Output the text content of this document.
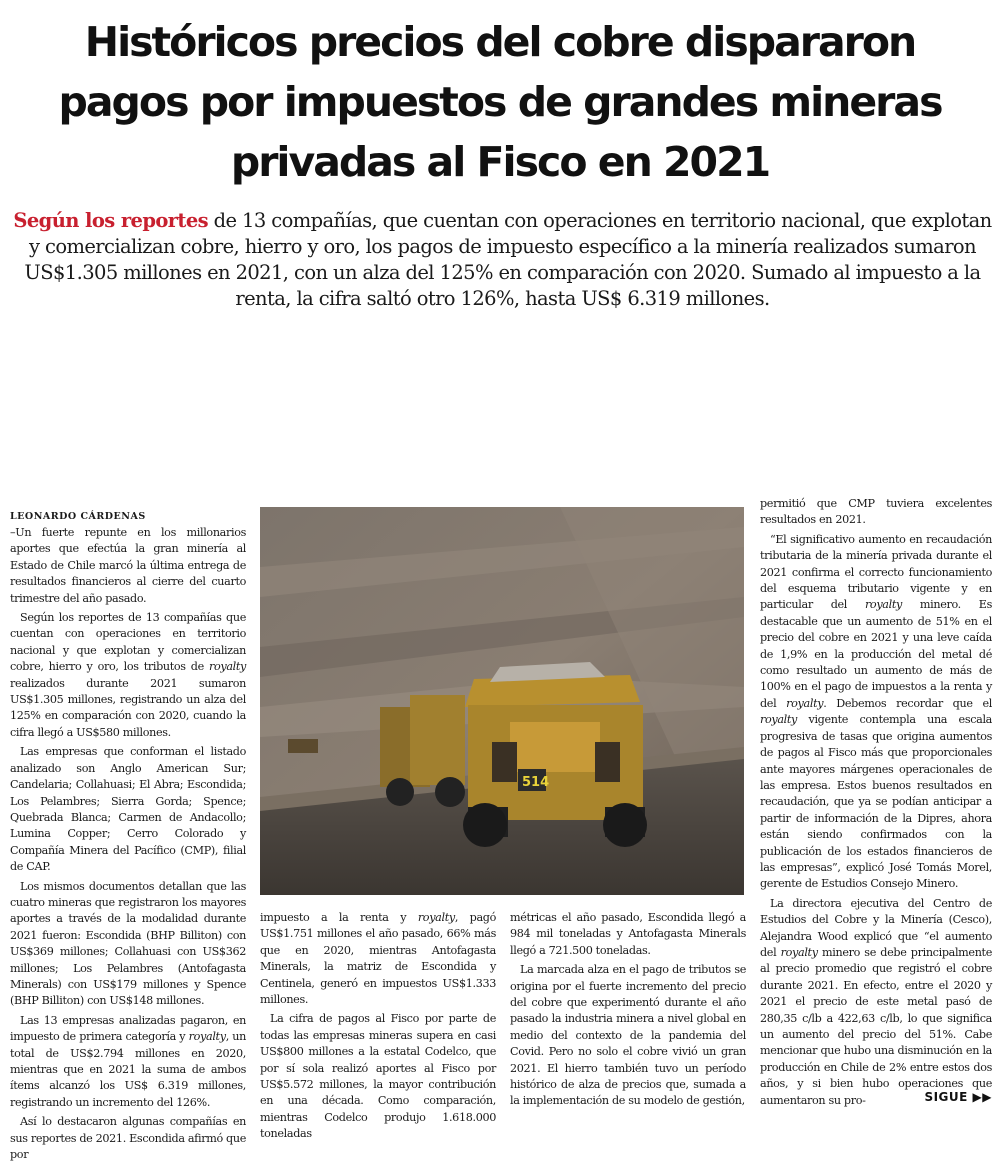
Históricos precios del cobre dispararon
pagos por impuestos de grandes mineras
privadas al Fisco en 2021
Según los reportes de 13 compañías, que cuentan con operaciones en territorio nacional, que explotan
y comercializan cobre, hierro y oro, los pagos de impuesto específico a la minería realizados sumaron
US$1.305 millones en 2021, con un alza del 125% en comparación con 2020. Sumado al impuesto a la
renta, la cifra saltó otro 126%, hasta US$ 6.319 millones.
LEONARDO CÁRDENAS

–Un fuerte repunte en los millonarios aportes que efectúa la gran minería al Estado de Chile marcó la última entrega de resultados financieros al cierre del cuarto trimestre del año pasado.

Según los reportes de 13 compañías que cuentan con operaciones en territorio nacional y que explotan y comercializan cobre, hierro y oro, los tributos de royalty realizados durante 2021 sumaron US$1.305 millones, registrando un alza del 125% en comparación con 2020, cuando la cifra llegó a US$580 millones.

Las empresas que conforman el listado analizado son Anglo American Sur; Candelaria; Collahuasi; El Abra; Escondida; Los Pelambres; Sierra Gorda; Spence; Quebrada Blanca; Carmen de Andacollo; Lumina Copper; Cerro Colorado y Compañía Minera del Pacífico (CMP), filial de CAP.

Los mismos documentos detallan que las cuatro mineras que registraron los mayores aportes a través de la modalidad durante 2021 fueron: Escondida (BHP Billiton) con US$369 millones; Collahuasi con US$362 millones; Los Pelambres (Antofagasta Minerals) con US$179 millones y Spence (BHP Billiton) con US$148 millones.

Las 13 empresas analizadas pagaron, en impuesto de primera categoría y royalty, un total de US$2.794 millones en 2020, mientras que en 2021 la suma de ambos ítems alcanzó los US$ 6.319 millones, registrando un incremento del 126%.

Así lo destacaron algunas compañías en sus reportes de 2021. Escondida afirmó que por

514

impuesto a la renta y royalty, pagó US$1.751 millones el año pasado, 66% más que en 2020, mientras Antofagasta Minerals, la matriz de Escondida y Centinela, generó en impuestos US$1.333 millones.

La cifra de pagos al Fisco por parte de todas las empresas mineras supera en casi US$800 millones a la estatal Codelco, que por sí sola realizó aportes al Fisco por US$5.572 millones, la mayor contribución en una década. Como comparación, mientras Codelco produjo 1.618.000 toneladas

métricas el año pasado, Escondida llegó a 984 mil toneladas y Antofagasta Minerals llegó a 721.500 toneladas.

La marcada alza en el pago de tributos se origina por el fuerte incremento del precio del cobre que experimentó durante el año pasado la industria minera a nivel global en medio del contexto de la pandemia del Covid. Pero no solo el cobre vivió un gran 2021. El hierro también tuvo un período histórico de alza de precios que, sumada a la implementación de su modelo de gestión,

permitió que CMP tuviera excelentes resultados en 2021.

“El significativo aumento en recaudación tributaria de la minería privada durante el 2021 confirma el correcto funcionamiento del esquema tributario vigente y en particular del royalty minero. Es destacable que un aumento de 51% en el precio del cobre en 2021 y una leve caída de 1,9% en la producción del metal dé como resultado un aumento de más de 100% en el pago de impuestos a la renta y del royalty. Debemos recordar que el royalty vigente contempla una escala progresiva de tasas que origina aumentos de pagos al Fisco más que proporcionales ante mayores márgenes operacionales de las empresa. Estos buenos resultados en recaudación, que ya se podían anticipar a partir de información de la Dipres, ahora están siendo confirmados con la publicación de los estados financieros de las empresas”, explicó José Tomás Morel, gerente de Estudios Consejo Minero.

La directora ejecutiva del Centro de Estudios del Cobre y la Minería (Cesco), Alejandra Wood explicó que “el aumento del royalty minero se debe principalmente al precio promedio que registró el cobre durante 2021. En efecto, entre el 2020 y 2021 el precio de este metal pasó de 280,35 c/lb a 422,63 c/lb, lo que significa un aumento del precio del 51%. Cabe mencionar que hubo una disminución en la producción en Chile de 2% entre estos dos años, y si bien hubo operaciones que aumentaron su pro-	SIGUE ▶▶
